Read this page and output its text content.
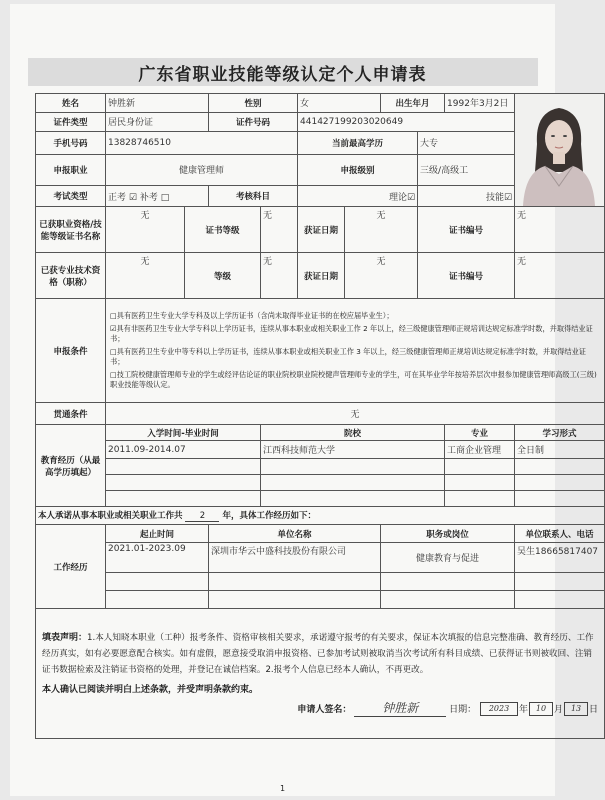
广东省职业技能等级认定个人申请表
姓名	钟胜新		性别		女		出生年月		1992年3月2日	

证件类型	居民身份证		证件号码		441427199203020649					
手机号码	13828746510				当前最高学历			大专		
申报职业	健康管理师				申报级别			三级/高级工		
考试类型	正考 ☑ 补考 □		考核科目		理论☑			技能☑		
已获职业资格/技能等级证书名称	无	证书等级		无	获证日期	无		证书编号		无
已获专业技术资格（职称）	无	等级		无	获证日期	无		证书编号		无
申报条件	□具有医药卫生专业大学专科及以上学历证书（含尚未取得毕业证书的在校应届毕业生）；

☑具有非医药卫生专业大学专科以上学历证书，连续从事本职业或相关职业工作 2 年以上，经三级健康管理师正规培训达规定标准学时数，并取得结业证书；

□具有医药卫生专业中等专科以上学历证书，连续从事本职业或相关职业工作 3 年以上，经三级健康管理师正规培训达规定标准学时数，并取得结业证书；

□技工院校健康管理师专业的学生或经评估论证的职业院校职业院校健声管理师专业的学生，可在其毕业学年按培养层次申报参加健康管理师高级工(三级)职业技能等级认定。									

贯通条件	无									
教育经历（从最高学历填起）	入学时间-毕业时间			院校					专业	学习形式
	2011.09-2014.07			江西科技师范大学					工商企业管理	全日制

本人承诺从事本职业或相关职业工作共 2 年，具体工作经历如下：										
工作经历	起止时间		单位名称				职务或岗位			单位联系人、电话
	2021.01-2023.09		深圳市华云中盛科技股份有限公司				健康教育与促进			吴生18665817407

填表声明：1.本人知晓本职业（工种）报考条件、资格审核相关要求，承诺遵守报考的有关要求，保证本次填报的信息完整准确、教育经历、工作经历真实，如有必要愿意配合核实。如有虚假，愿意接受取消申报资格、已参加考试则被取消当次考试所有科目成绩、已获得证书则被收回、注销证书数据检索及注销证书资格的处理，并登记在诚信档案。2.报考个人信息已经本人确认，不再更改。
本人确认已阅读并明白上述条款，并受声明条款约束。
申请人签名： 钟胜新 日期： 2023 年 10 月 13 日										
1
